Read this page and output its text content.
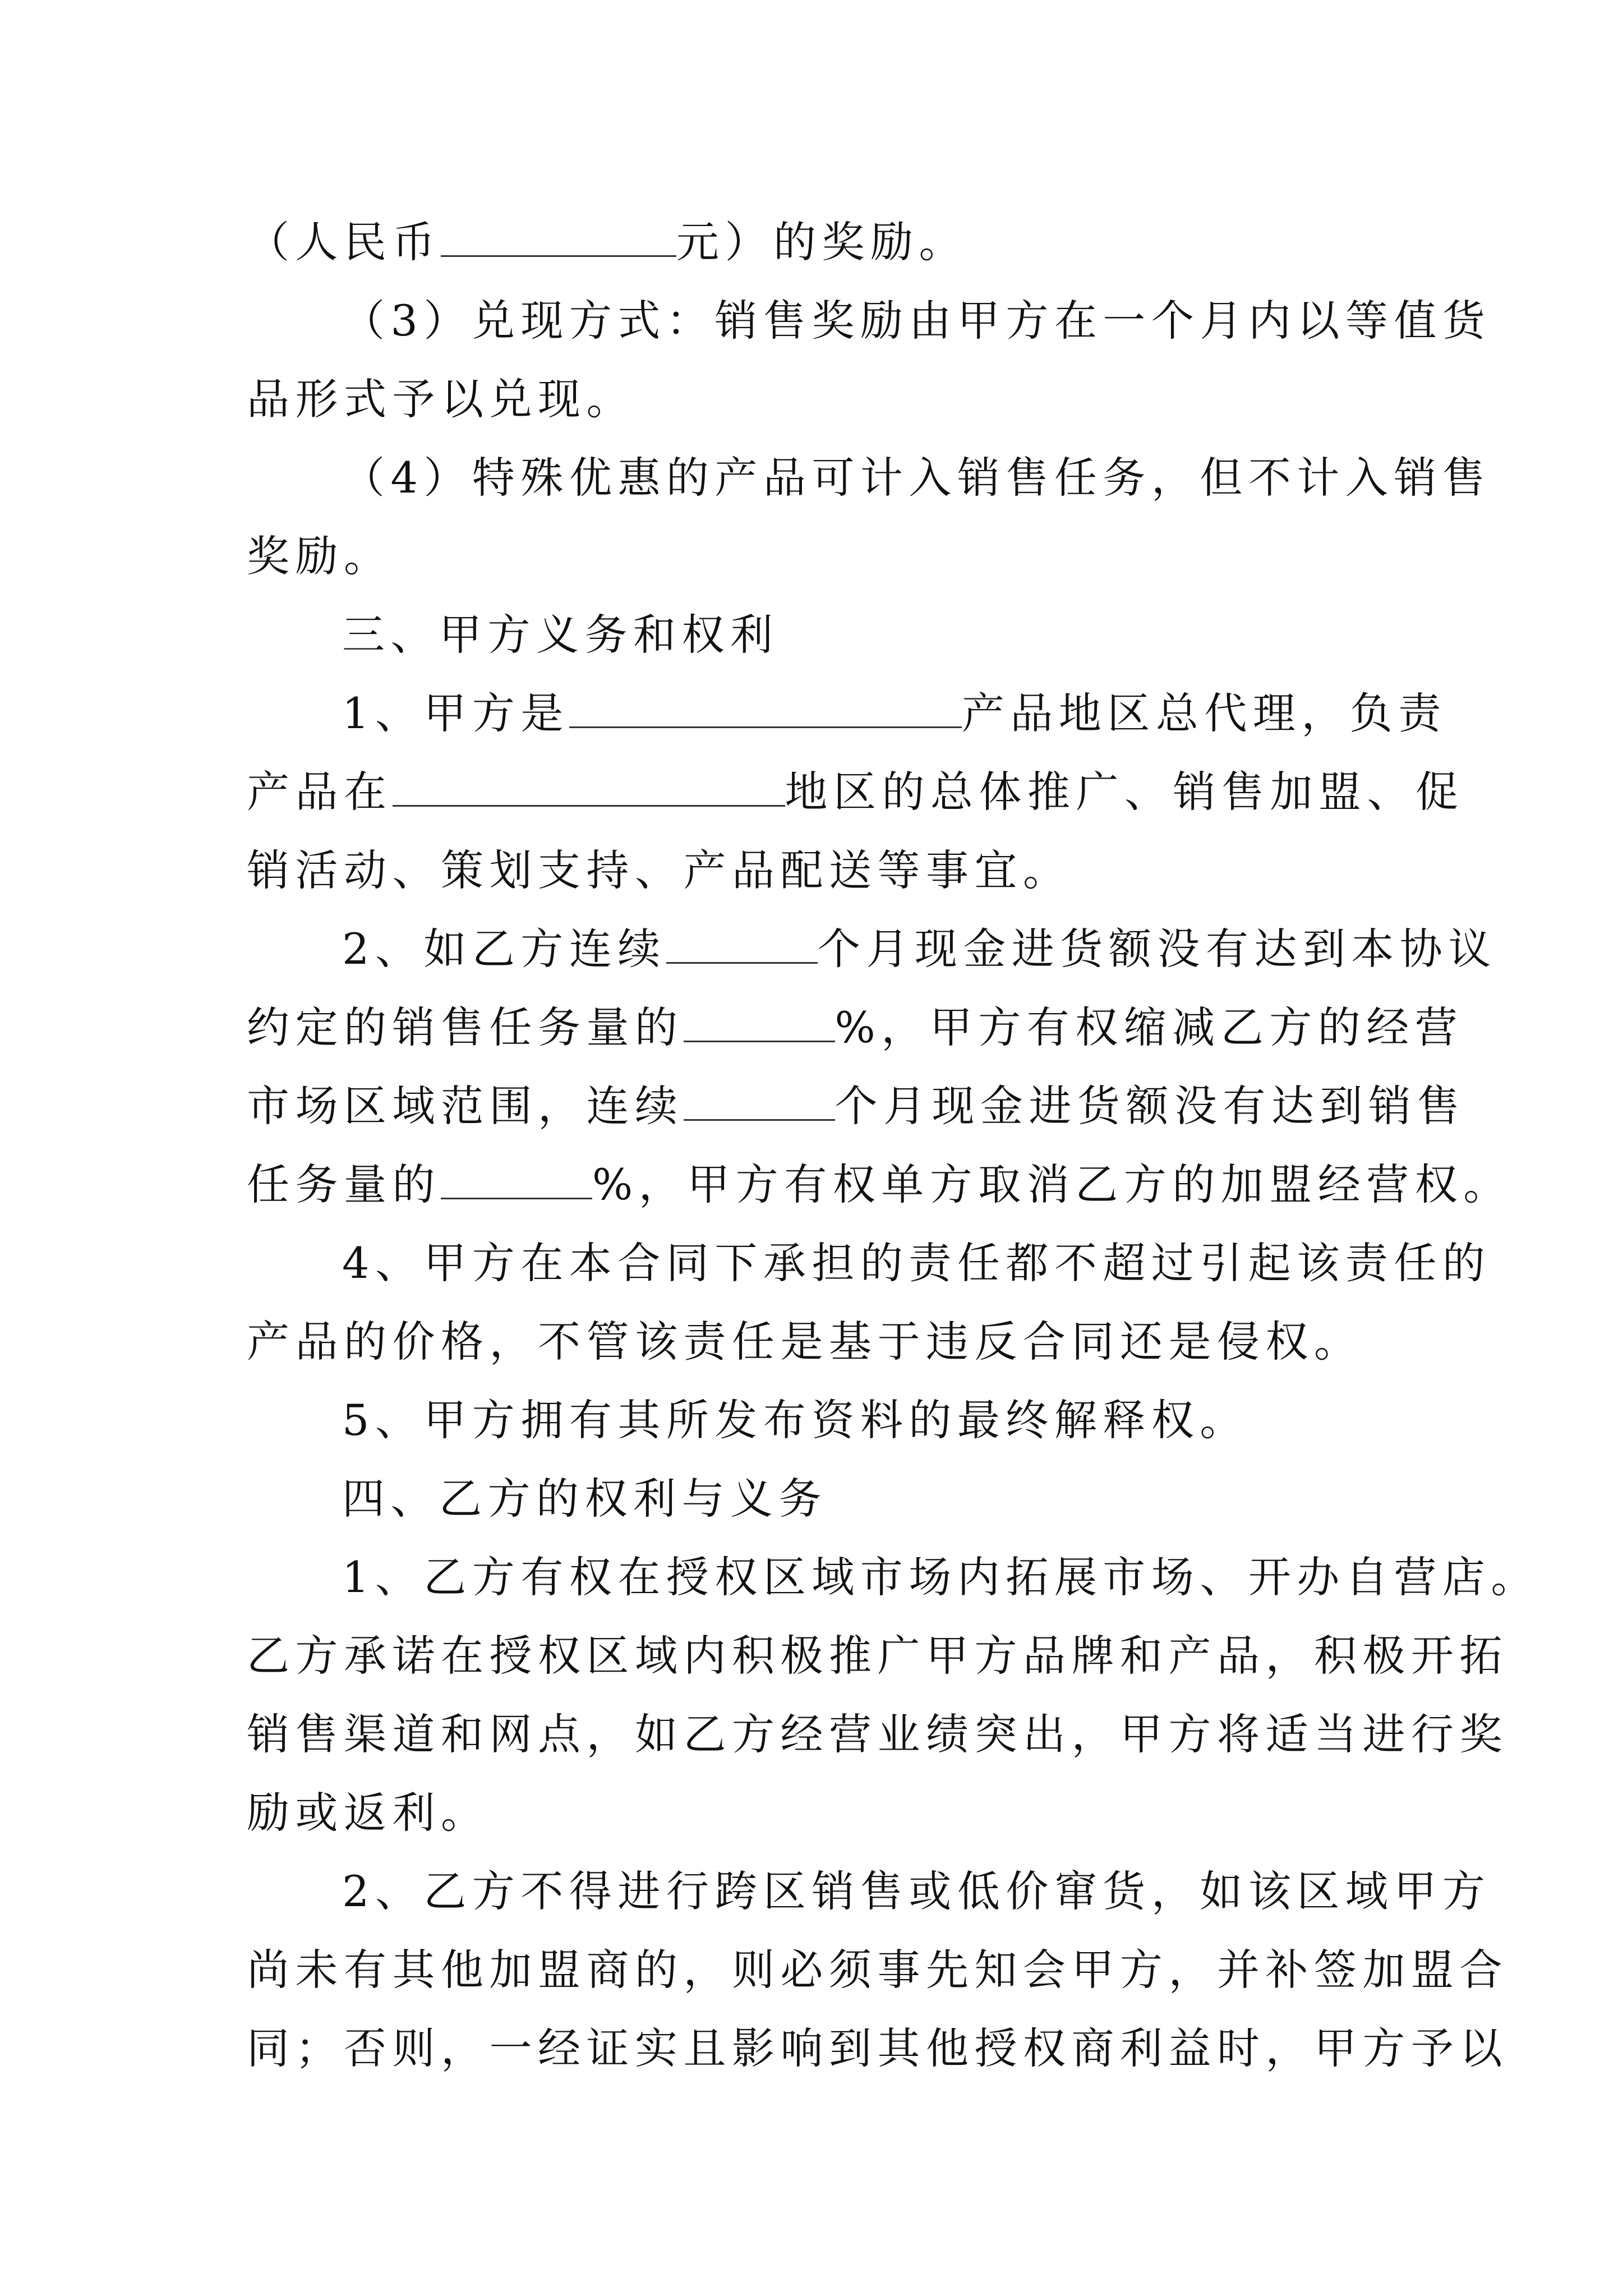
（人民币	元）的奖励。
（3）兑现方式：销售奖励由甲方在一个月内以等值货
品形式予以兑现。
（4）特殊优惠的产品可计入销售任务，但不计入销售
奖励。
三、甲方义务和权利
1、甲方是	产品地区总代理，负责
产品在	地区的总体推广、销售加盟、促
销活动、策划支持、产品配送等事宜。
2、如乙方连续	个月现金进货额没有达到本协议
约定的销售任务量的	%，甲方有权缩减乙方的经营
市场区域范围，连续	个月现金进货额没有达到销售
任务量的	%，甲方有权单方取消乙方的加盟经营权。
4、甲方在本合同下承担的责任都不超过引起该责任的
产品的价格，不管该责任是基于违反合同还是侵权。
5、甲方拥有其所发布资料的最终解释权。
四、乙方的权利与义务
1、乙方有权在授权区域市场内拓展市场、开办自营店。
乙方承诺在授权区域内积极推广甲方品牌和产品，积极开拓
销售渠道和网点，如乙方经营业绩突出，甲方将适当进行奖
励或返利。
2、乙方不得进行跨区销售或低价窜货，如该区域甲方
尚未有其他加盟商的，则必须事先知会甲方，并补签加盟合
同；否则，一经证实且影响到其他授权商利益时，甲方予以
